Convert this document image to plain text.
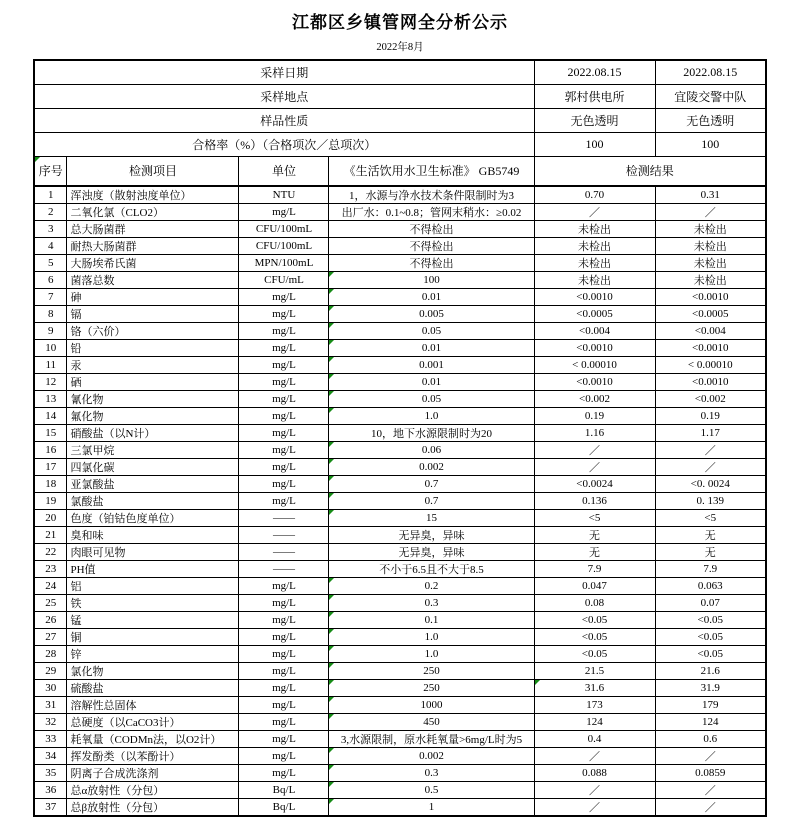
江都区乡镇管网全分析公示
2022年8月
采样日期				2022.08.15	2022.08.15
采样地点				郭村供电所	宜陵交警中队
样品性质				无色透明	无色透明
合格率（%）（合格项次／总项次）				100	100
序号	检测项目	单位	《生活饮用水卫生标准》 GB5749	检测结果	
1	浑浊度（散射浊度单位）	NTU	1，水源与净水技术条件限制时为3	0.70	0.31
2	二氧化氯（CLO2）	mg/L	出厂水：0.1~0.8；管网末稍水：≥0.02	／	／
3	总大肠菌群	CFU/100mL	不得检出	未检出	未检出
4	耐热大肠菌群	CFU/100mL	不得检出	未检出	未检出
5	大肠埃希氏菌	MPN/100mL	不得检出	未检出	未检出
6	菌落总数	CFU/mL	100	未检出	未检出
7	砷	mg/L	0.01	<0.0010	<0.0010
8	镉	mg/L	0.005	<0.0005	<0.0005
9	铬（六价）	mg/L	0.05	<0.004	<0.004
10	铅	mg/L	0.01	<0.0010	<0.0010
11	汞	mg/L	0.001	< 0.00010	< 0.00010
12	硒	mg/L	0.01	<0.0010	<0.0010
13	氰化物	mg/L	0.05	<0.002	<0.002
14	氟化物	mg/L	1.0	0.19	0.19
15	硝酸盐（以N计）	mg/L	10，地下水源限制时为20	1.16	1.17
16	三氯甲烷	mg/L	0.06	／	／
17	四氯化碳	mg/L	0.002	／	／
18	亚氯酸盐	mg/L	0.7	<0.0024	<0. 0024
19	氯酸盐	mg/L	0.7	0.136	0. 139
20	色度（铂钴色度单位）	——	15	<5	<5
21	臭和味	——	无异臭，异味	无	无
22	肉眼可见物	——	无异臭，异味	无	无
23	PH值	——	不小于6.5且不大于8.5	7.9	7.9
24	铝	mg/L	0.2	0.047	0.063
25	铁	mg/L	0.3	0.08	0.07
26	锰	mg/L	0.1	<0.05	<0.05
27	铜	mg/L	1.0	<0.05	<0.05
28	锌	mg/L	1.0	<0.05	<0.05
29	氯化物	mg/L	250	21.5	21.6
30	硫酸盐	mg/L	250	31.6	31.9
31	溶解性总固体	mg/L	1000	173	179
32	总硬度（以CaCO3计）	mg/L	450	124	124
33	耗氧量（CODMn法，以O2计）	mg/L	3,水源限制，原水耗氧量>6mg/L时为5	0.4	0.6
34	挥发酚类（以苯酚计）	mg/L	0.002	／	／
35	阴离子合成洗涤剂	mg/L	0.3	0.088	0.0859
36	总α放射性（分包）	Bq/L	0.5	／	／
37	总β放射性（分包）	Bq/L	1	／	／
